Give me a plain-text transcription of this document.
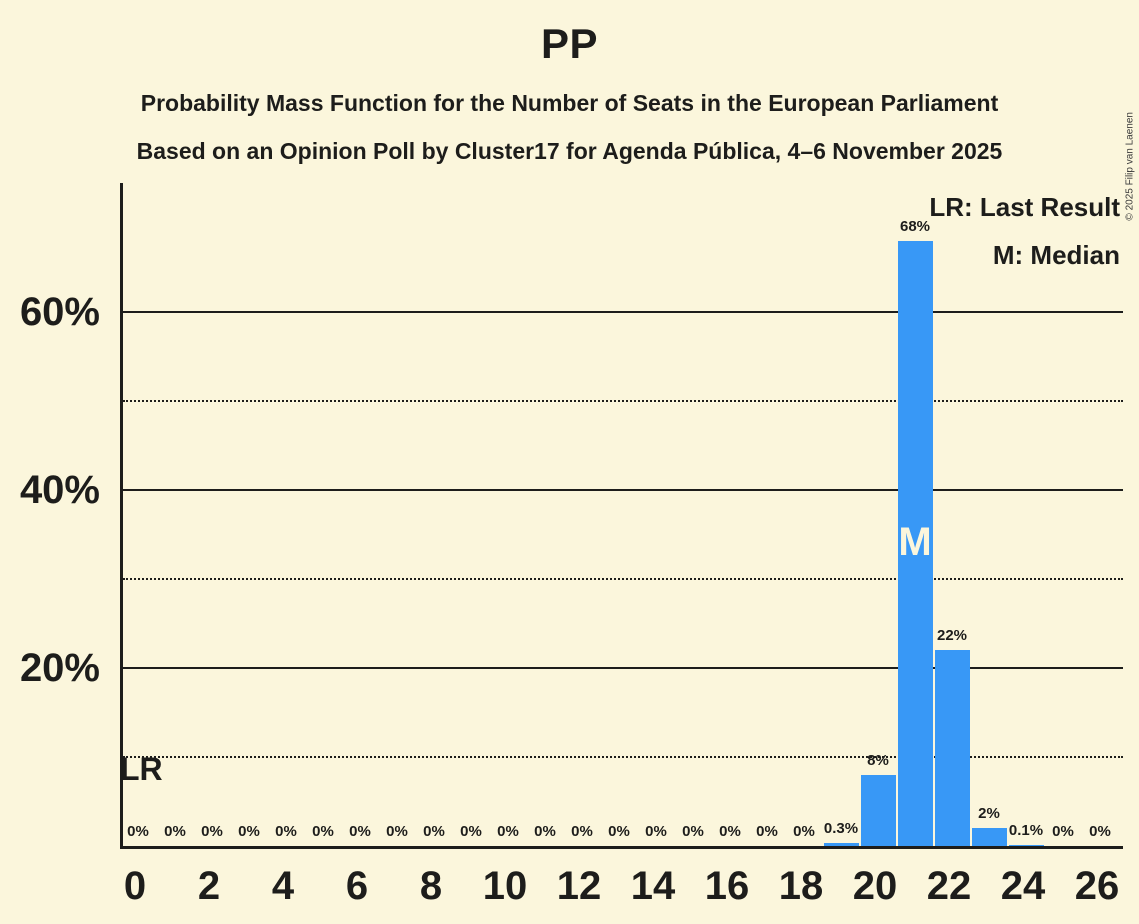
PP
Probability Mass Function for the Number of Seats in the European Parliament
Based on an Opinion Poll by Cluster17 for Agenda Pública, 4–6 November 2025	© 2025 Filip van Laenen
LR: Last Result
M: Median
LR
0%	0%	0%	0%	0%	0%	0%	0%	0%	0%	0%	0%	0%	0%	0%	0%	0%	0%	0% 0.3%
8%
68%
22%
2%
0.1% 0%	0%
M
20%
40%
60%
0	2	4	6	8	10 12 14 16 18 20 22 24 26
